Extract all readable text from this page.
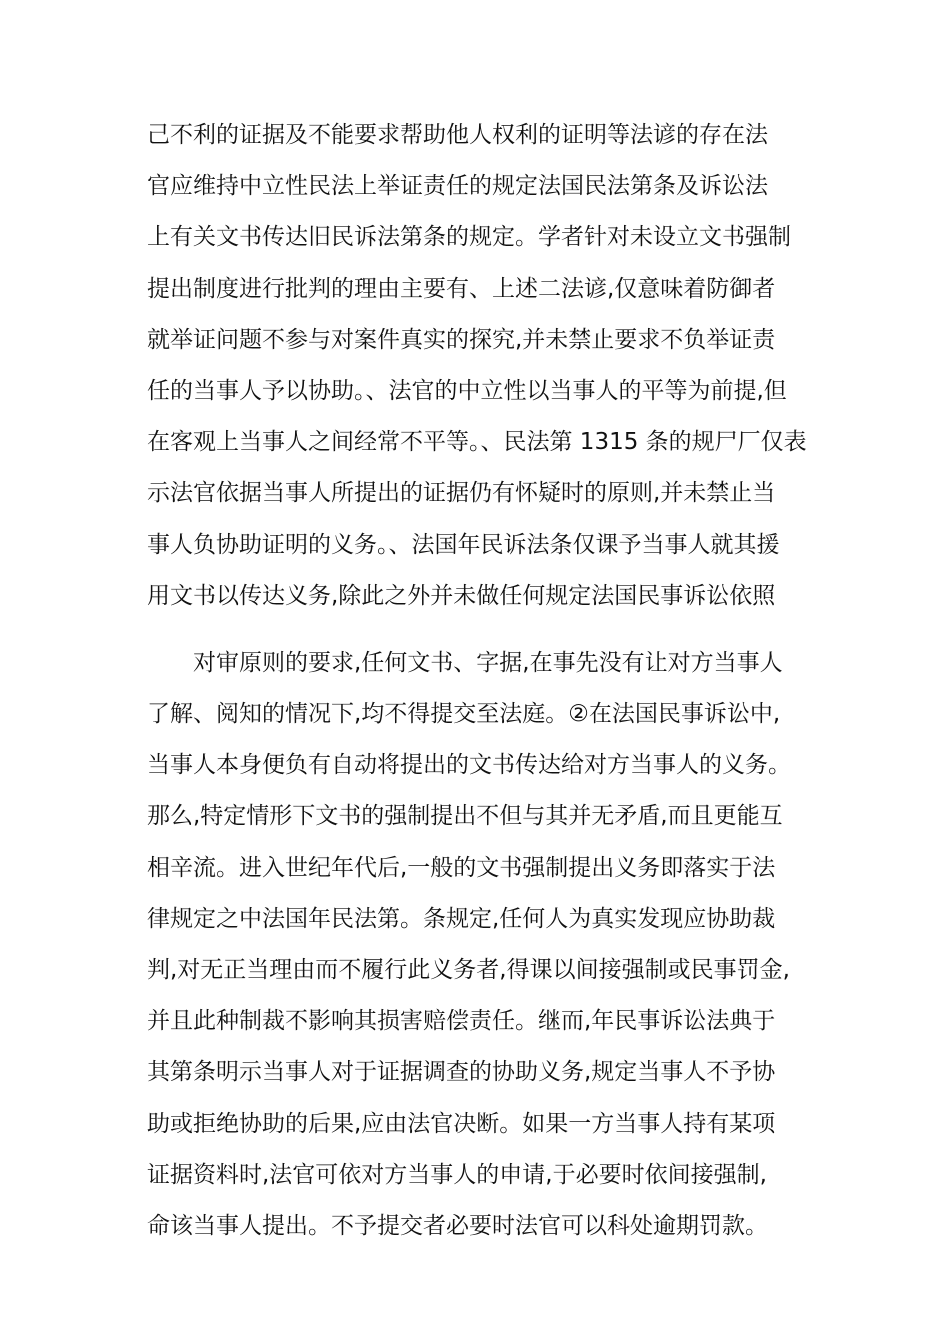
己不利的证据及不能要求帮助他人权利的证明等法谚的存在法
官应维持中立性民法上举证责任的规定法国民法第条及诉讼法
上有关文书传达旧民诉法第条的规定。学者针对未设立文书强制
提出制度进行批判的理由主要有、上述二法谚,仅意味着防御者
就举证问题不参与对案件真实的探究,并未禁止要求不负举证责
任的当事人予以协助。、法官的中立性以当事人的平等为前提,但
在客观上当事人之间经常不平等。、民法第 1315 条的规尸厂仅表
示法官依据当事人所提出的证据仍有怀疑时的原则,并未禁止当
事人负协助证明的义务。、法国年民诉法条仅课予当事人就其援
用文书以传达义务,除此之外并未做任何规定法国民事诉讼依照
对审原则的要求,任何文书、字据,在事先没有让对方当事人
了解、阅知的情况下,均不得提交至法庭。②在法国民事诉讼中,
当事人本身便负有自动将提出的文书传达给对方当事人的义务。
那么,特定情形下文书的强制提出不但与其并无矛盾,而且更能互
相辛流。进入世纪年代后,一般的文书强制提出义务即落实于法
律规定之中法国年民法第。条规定,任何人为真实发现应协助裁
判,对无正当理由而不履行此义务者,得课以间接强制或民事罚金,
并且此种制裁不影响其损害赔偿责任。继而,年民事诉讼法典于
其第条明示当事人对于证据调查的协助义务,规定当事人不予协
助或拒绝协助的后果,应由法官决断。如果一方当事人持有某项
证据资料时,法官可依对方当事人的申请,于必要时依间接强制,
命该当事人提出。不予提交者必要时法官可以科处逾期罚款。
